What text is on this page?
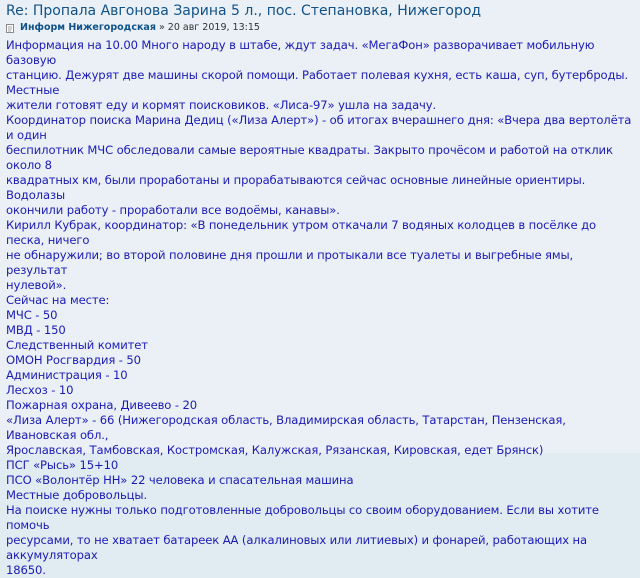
Re: Пропала Авгонова Зарина 5 л., пос. Степановка, Нижегород
Информ Нижегородская » 20 авг 2019, 13:15

Информация на 10.00 Много народу в штабе, ждут задач. «МегаФон» разворачивает мобильную базовую

станцию. Дежурят две машины скорой помощи. Работает полевая кухня, есть каша, суп, бутерброды. Местные

жители готовят еду и кормят поисковиков. «Лиса-97» ушла на задачу.

Координатор поиска Марина Дедиц («Лиза Алерт») - об итогах вчерашнего дня: «Вчера два вертолёта и один

беспилотник МЧС обследовали самые вероятные квадраты. Закрыто прочёсом и работой на отклик около 8

квадратных км, были проработаны и прорабатываются сейчас основные линейные ориентиры. Водолазы

окончили работу - проработали все водоёмы, канавы».

Кирилл Кубрак, координатор: «В понедельник утром откачали 7 водяных колодцев в посёлке до песка, ничего

не обнаружили; во второй половине дня прошли и протыкали все туалеты и выгребные ямы, результат

нулевой».

Сейчас на месте:

МЧС - 50

МВД - 150

Следственный комитет

ОМОН Росгвардия - 50

Администрация - 10

Лесхоз - 10

Пожарная охрана, Дивеево - 20

«Лиза Алерт» - 66 (Нижегородская область, Владимирская область, Татарстан, Пензенская, Ивановская обл.,

Ярославская, Тамбовская, Костромская, Калужская, Рязанская, Кировская, едет Брянск)

ПСГ «Рысь» 15+10

ПСО «Волонтёр НН» 22 человека и спасательная машина

Местные добровольцы.

На поиске нужны только подготовленные добровольцы со своим оборудованием. Если вы хотите помочь

ресурсами, то не хватает батареек АА (алкалиновых или литиевых) и фонарей, работающих на аккумуляторах

18650.
